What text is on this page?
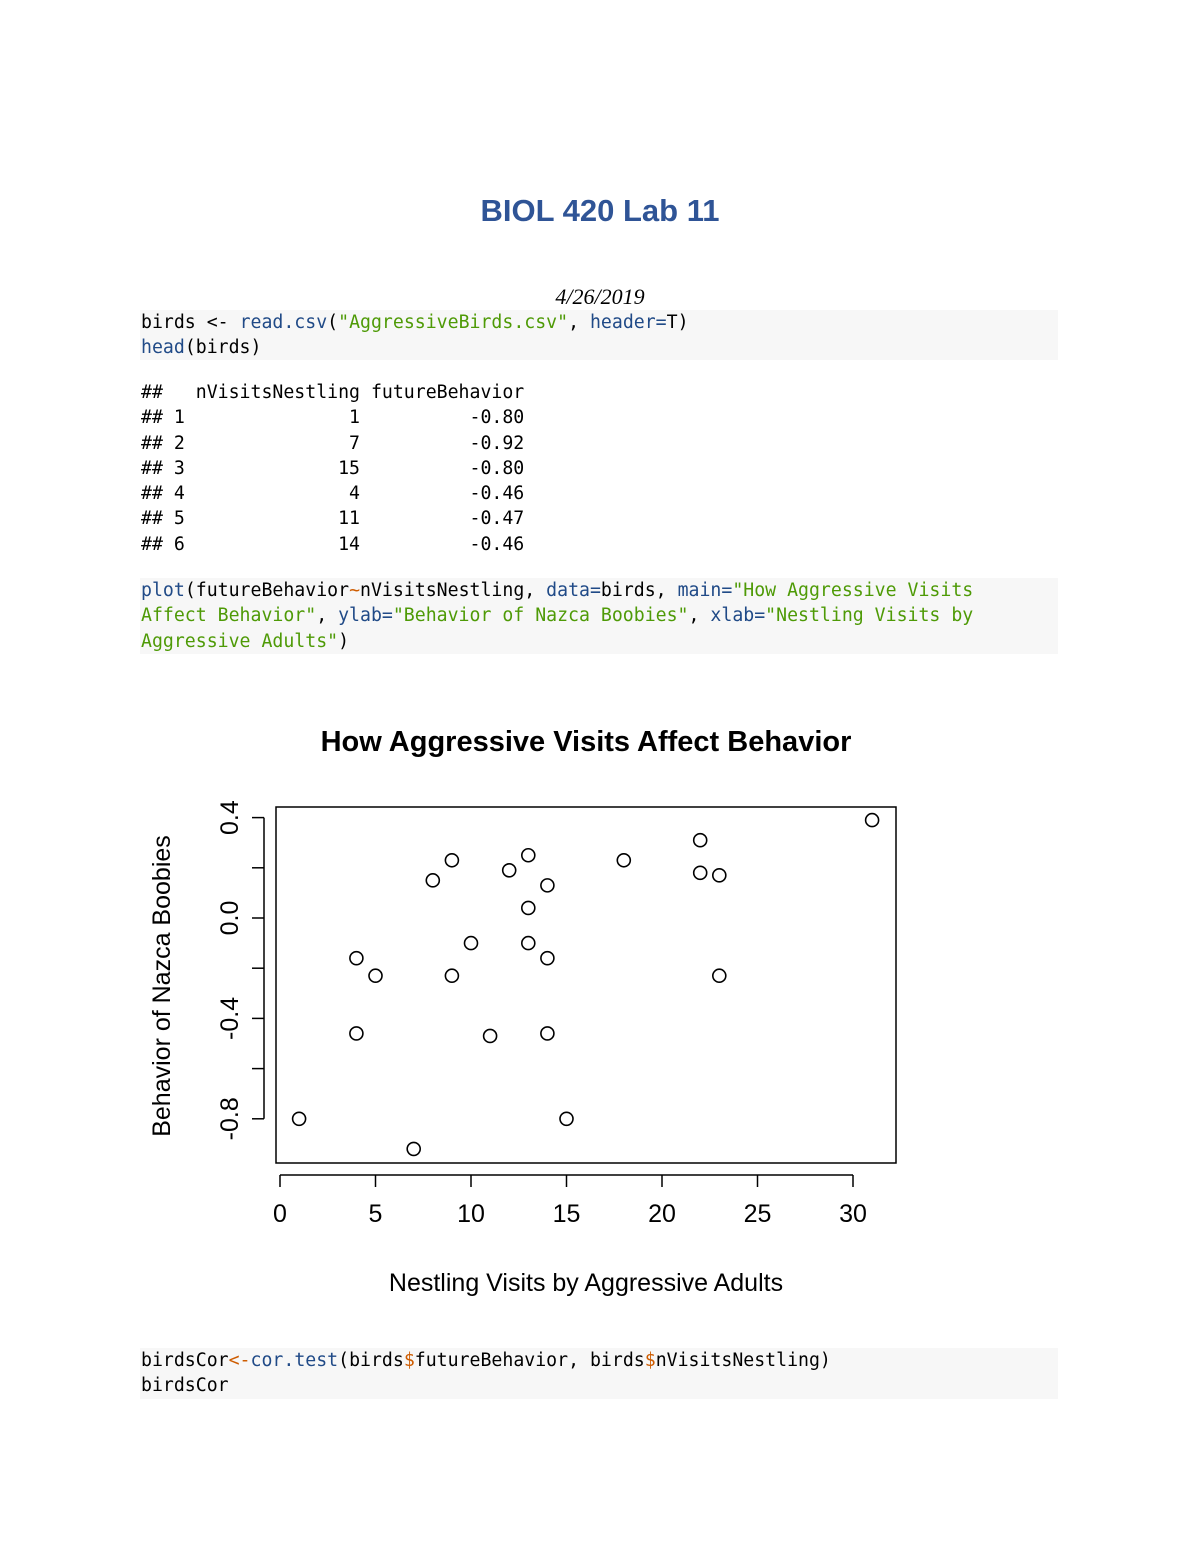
BIOL 420 Lab 11
4/26/2019
birds <- read.csv("AggressiveBirds.csv", header=T)
head(birds)
##   nVisitsNestling futureBehavior
## 1               1          -0.80
## 2               7          -0.92
## 3              15          -0.80
## 4               4          -0.46
## 5              11          -0.47
## 6              14          -0.46
plot(futureBehavior~nVisitsNestling, data=birds, main="How Aggressive Visits
Affect Behavior", ylab="Behavior of Nazca Boobies", xlab="Nestling Visits by
Aggressive Adults")
How Aggressive Visits Affect Behavior
Behavior of Nazca Boobies
Nestling Visits by Aggressive Adults
0	5	10	15	20	25	30
-0.8
-0.4
0.0
0.4
birdsCor<-cor.test(birds$futureBehavior, birds$nVisitsNestling)
birdsCor
